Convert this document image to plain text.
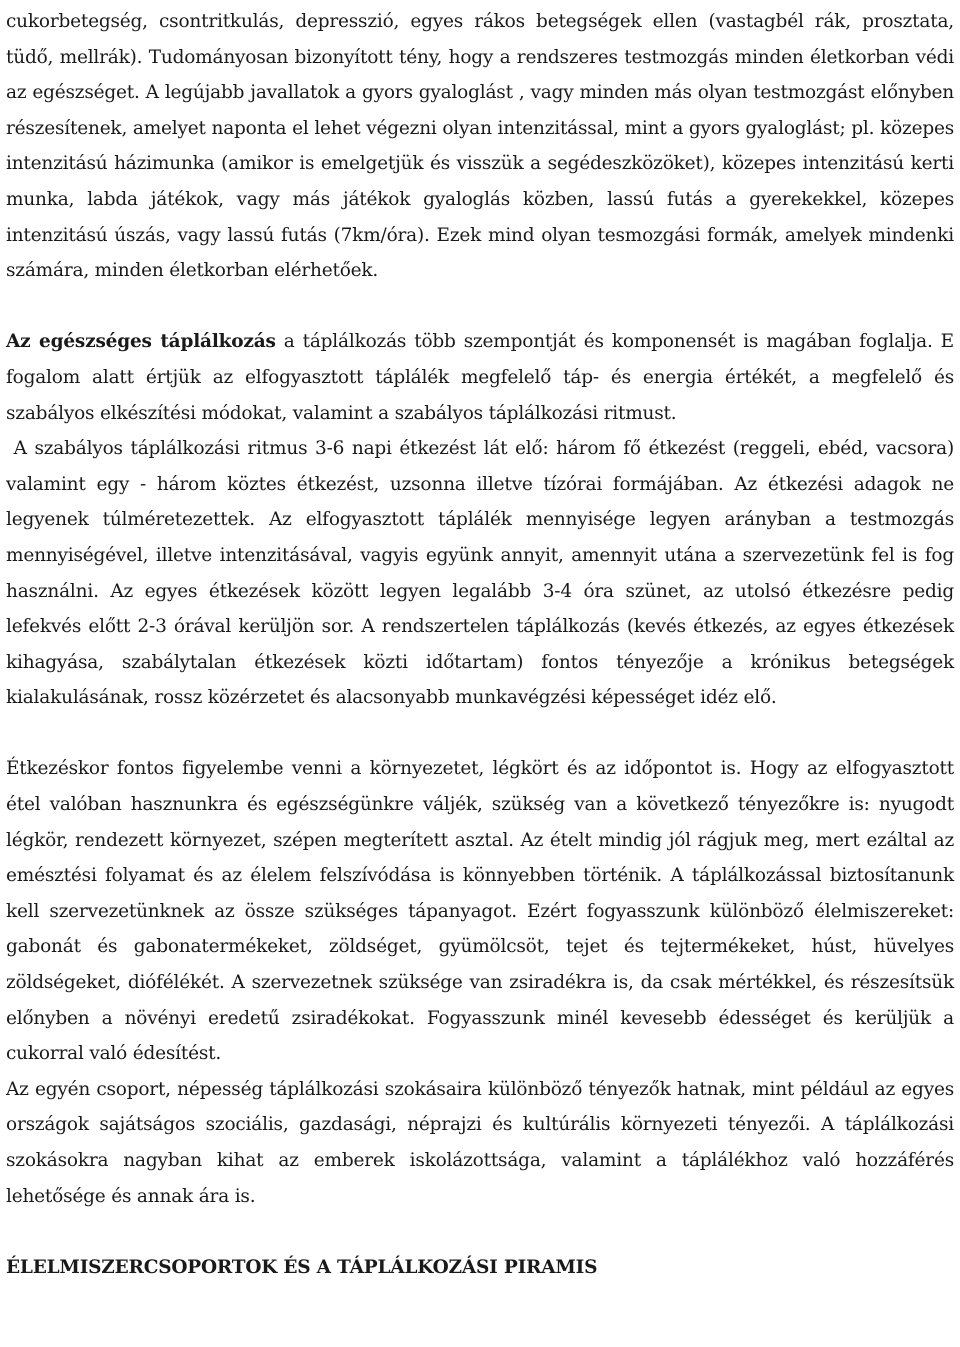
cukorbetegség, csontritkulás, depresszió, egyes rákos betegségek ellen (vastagbél rák, prosztata, tüdő, mellrák). Tudományosan bizonyított tény, hogy a rendszeres testmozgás minden életkorban védi az egészséget. A legújabb javallatok a gyors gyaloglást , vagy minden más olyan testmozgást előnyben részesítenek, amelyet naponta el lehet végezni olyan intenzitással, mint a gyors gyaloglást; pl. közepes intenzitású házimunka (amikor is emelgetjük és visszük a segédeszközöket), közepes intenzitású kerti munka, labda játékok, vagy más játékok gyaloglás közben, lassú futás a gyerekekkel, közepes intenzitású úszás, vagy lassú futás (7km/óra). Ezek mind olyan tesmozgási formák, amelyek mindenki számára, minden életkorban elérhetőek.

Az egészséges táplálkozás a táplálkozás több szempontját és komponensét is magában foglalja. E fogalom alatt értjük az elfogyasztott táplálék megfelelő táp- és energia értékét, a megfelelő és szabályos elkészítési módokat, valamint a szabályos táplálkozási ritmust.

A szabályos táplálkozási ritmus 3-6 napi étkezést lát elő: három fő étkezést (reggeli, ebéd, vacsora) valamint egy - három köztes étkezést, uzsonna illetve tízórai formájában. Az étkezési adagok ne legyenek túlméretezettek. Az elfogyasztott táplálék mennyisége legyen arányban a testmozgás mennyiségével, illetve intenzitásával, vagyis együnk annyit, amennyit utána a szervezetünk fel is fog használni. Az egyes étkezések között legyen legalább 3-4 óra szünet, az utolsó étkezésre pedig lefekvés előtt 2-3 órával kerüljön sor. A rendszertelen táplálkozás (kevés étkezés, az egyes étkezések kihagyása, szabálytalan étkezések közti időtartam) fontos tényezője a krónikus betegségek kialakulásának, rossz közérzetet és alacsonyabb munkavégzési képességet idéz elő.

Étkezéskor fontos figyelembe venni a környezetet, légkört és az időpontot is. Hogy az elfogyasztott étel valóban hasznunkra és egészségünkre váljék, szükség van a következő tényezőkre is: nyugodt légkör, rendezett környezet, szépen megterített asztal. Az ételt mindig jól rágjuk meg, mert ezáltal az emésztési folyamat és az élelem felszívódása is könnyebben történik. A táplálkozással biztosítanunk kell szervezetünknek az össze szükséges tápanyagot. Ezért fogyasszunk különböző élelmiszereket: gabonát és gabonatermékeket, zöldséget, gyümölcsöt, tejet és tejtermékeket, húst, hüvelyes zöldségeket, diófélékét. A szervezetnek szüksége van zsiradékra is, da csak mértékkel, és részesítsük előnyben a növényi eredetű zsiradékokat. Fogyasszunk minél kevesebb édességet és kerüljük a cukorral való édesítést.

Az egyén csoport, népesség táplálkozási szokásaira különböző tényezők hatnak, mint például az egyes országok sajátságos szociális, gazdasági, néprajzi és kultúrális környezeti tényezői. A táplálkozási szokásokra nagyban kihat az emberek iskolázottsága, valamint a táplálékhoz való hozzáférés lehetősége és annak ára is.

ÉLELMISZERCSOPORTOK ÉS A TÁPLÁLKOZÁSI PIRAMIS
